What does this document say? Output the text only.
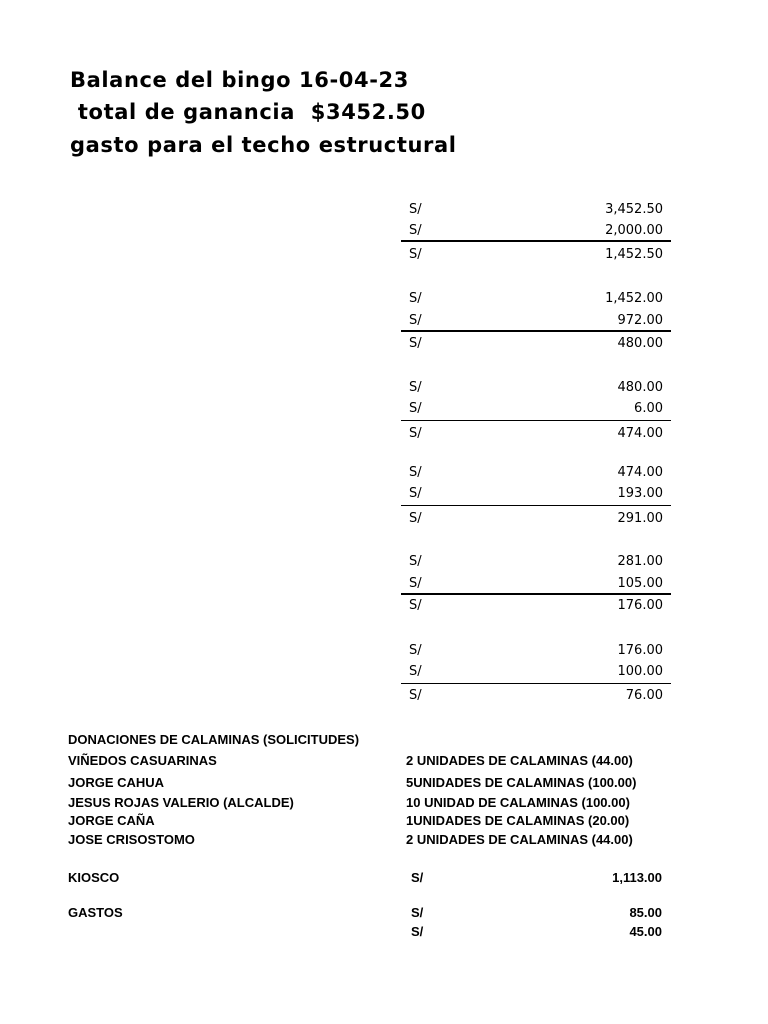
Balance del bingo 16-04-23
total de ganancia  $3452.50
gasto para el techo estructural
S/	3,452.50
S/	2,000.00
S/	1,452.50
S/	1,452.00
S/	972.00
S/	480.00
S/	480.00
S/	6.00
S/	474.00
S/	474.00
S/	193.00
S/	291.00
S/	281.00
S/	105.00
S/	176.00
S/	176.00
S/	100.00
S/	76.00
DONACIONES DE CALAMINAS (SOLICITUDES)
VIÑEDOS CASUARINAS	2 UNIDADES DE CALAMINAS (44.00)
JORGE CAHUA	5UNIDADES DE CALAMINAS (100.00)
JESUS ROJAS VALERIO (ALCALDE)	10 UNIDAD DE CALAMINAS (100.00)
JORGE CAÑA	1UNIDADES DE CALAMINAS (20.00)
JOSE CRISOSTOMO	2 UNIDADES DE CALAMINAS (44.00)
KIOSCO	S/	1,113.00
GASTOS	S/	85.00
S/	45.00
